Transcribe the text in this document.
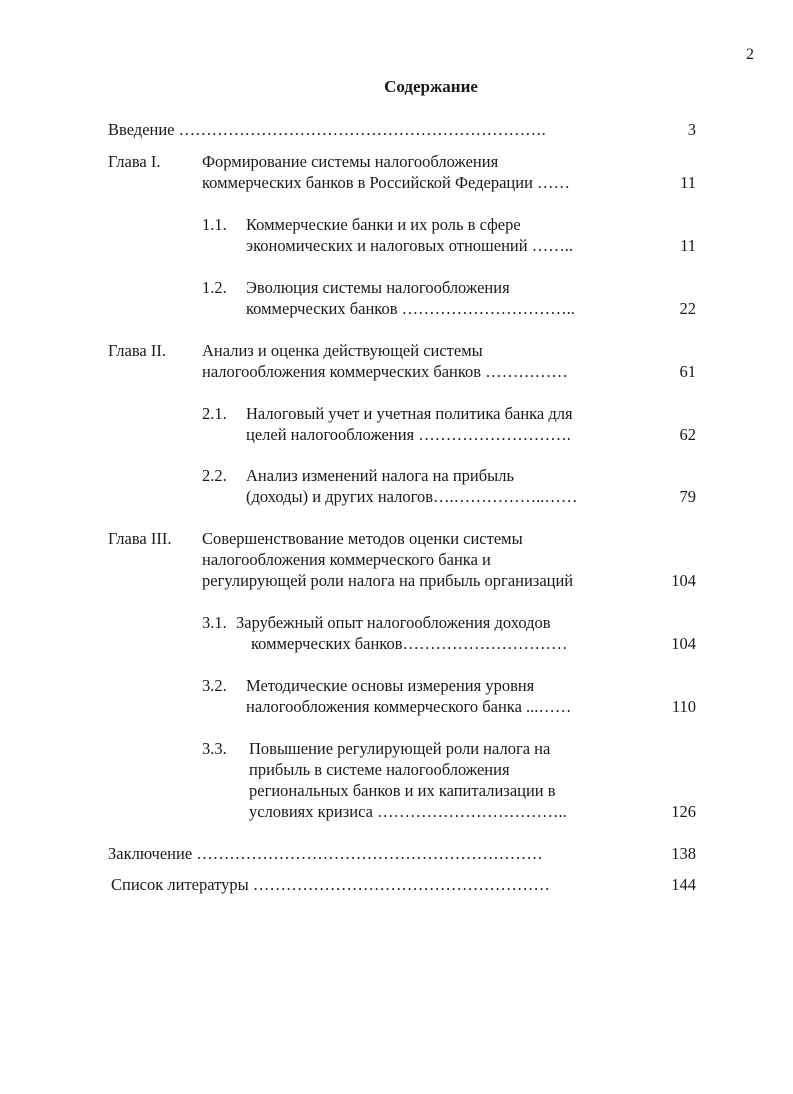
2
Содержание
Введение ………………………………………………………….	3
Глава I.	Формирование системы налогообложения
коммерческих банков в Российской Федерации ……	11
1.1. Коммерческие банки и их роль в сфере
экономических и налоговых отношений ……..	11
1.2. Эволюция системы налогообложения
коммерческих банков …………………………..	22
Глава II. Анализ и оценка действующей системы
налогообложения коммерческих банков ……………	61
2.1. Налоговый учет и учетная политика банка для
целей налогообложения ……………………….	62
2.2. Анализ изменений налога на прибыль
(доходы) и других налогов….……………..……	79
Глава III. Совершенствование методов оценки системы
налогообложения коммерческого банка и
регулирующей роли налога на прибыль организаций	104
3.1. Зарубежный опыт налогообложения доходов
коммерческих банков…………………………	104
3.2. Методические основы измерения уровня
налогообложения коммерческого банка ...……	110
3.3. Повышение регулирующей роли налога на
прибыль в системе налогообложения
региональных банков и их капитализации в
условиях кризиса ……………………………..	126
Заключение ………………………………………………………	138
Список литературы ………………………………………………	144
